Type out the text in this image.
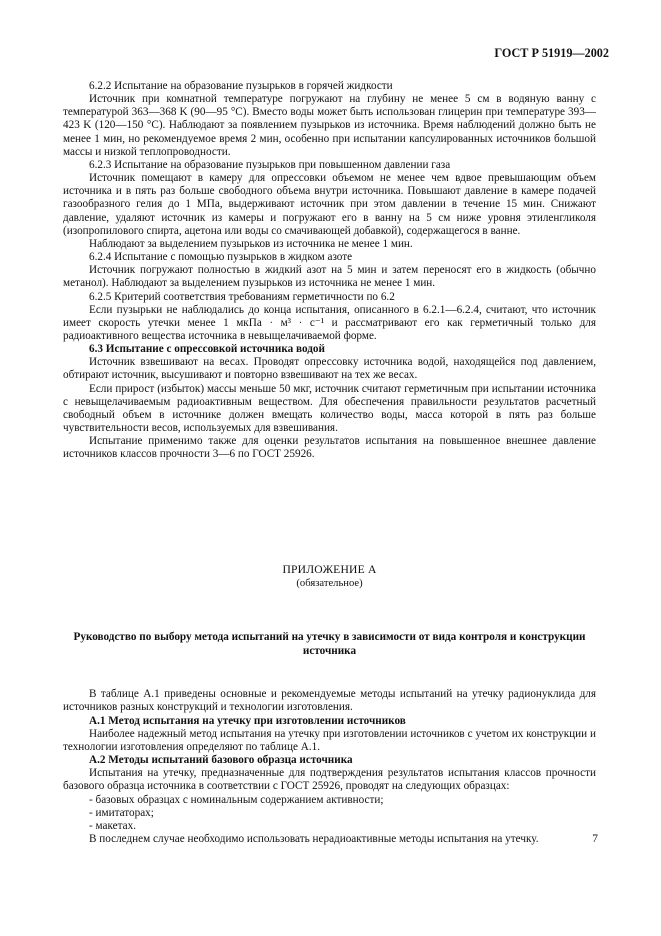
ГОСТ Р 51919—2002

6.2.2 Испытание на образование пузырьков в горячей жидкости

Источник при комнатной температуре погружают на глубину не менее 5 см в водяную ванну с температурой 363—368 K (90—95 °С). Вместо воды может быть использован глицерин при температуре 393—423 K (120—150 °С). Наблюдают за появлением пузырьков из источника. Время наблюдений должно быть не менее 1 мин, но рекомендуемое время 2 мин, особенно при испытании капсулированных источников большой массы и низкой теплопроводности.

6.2.3 Испытание на образование пузырьков при повышенном давлении газа

Источник помещают в камеру для опрессовки объемом не менее чем вдвое превышающим объем источника и в пять раз больше свободного объема внутри источника. Повышают давление в камере подачей газообразного гелия до 1 МПа, выдерживают источник при этом давлении в течение 15 мин. Снижают давление, удаляют источник из камеры и погружают его в ванну на 5 см ниже уровня этиленгликоля (изопропилового спирта, ацетона или воды со смачивающей добавкой), содержащегося в ванне.

Наблюдают за выделением пузырьков из источника не менее 1 мин.

6.2.4 Испытание с помощью пузырьков в жидком азоте

Источник погружают полностью в жидкий азот на 5 мин и затем переносят его в жидкость (обычно метанол). Наблюдают за выделением пузырьков из источника не менее 1 мин.

6.2.5 Критерий соответствия требованиям герметичности по 6.2

Если пузырьки не наблюдались до конца испытания, описанного в 6.2.1—6.2.4, считают, что источник имеет скорость утечки менее 1 мкПа · м³ · с⁻¹ и рассматривают его как герметичный только для радиоактивного вещества источника в невыщелачиваемой форме.

6.3 Испытание с опрессовкой источника водой

Источник взвешивают на весах. Проводят опрессовку источника водой, находящейся под давлением, обтирают источник, высушивают и повторно взвешивают на тех же весах.

Если прирост (избыток) массы меньше 50 мкг, источник считают герметичным при испытании источника с невыщелачиваемым радиоактивным веществом. Для обеспечения правильности результатов расчетный свободный объем в источнике должен вмещать количество воды, масса которой в пять раз больше чувствительности весов, используемых для взвешивания.

Испытание применимо также для оценки результатов испытания на повышенное внешнее давление источников классов прочности 3—6 по ГОСТ 25926.

ПРИЛОЖЕНИЕ А

(обязательное)

Руководство по выбору метода испытаний на утечку в зависимости от вида контроля и конструкции источника

В таблице А.1 приведены основные и рекомендуемые методы испытаний на утечку радионуклида для источников разных конструкций и технологии изготовления.

А.1 Метод испытания на утечку при изготовлении источников

Наиболее надежный метод испытания на утечку при изготовлении источников с учетом их конструкции и технологии изготовления определяют по таблице А.1.

А.2 Методы испытаний базового образца источника

Испытания на утечку, предназначенные для подтверждения результатов испытания классов прочности базового образца источника в соответствии с ГОСТ 25926, проводят на следующих образцах:

- базовых образцах с номинальным содержанием активности;

- имитаторах;

- макетах.

В последнем случае необходимо использовать нерадиоактивные методы испытания на утечку.	7
